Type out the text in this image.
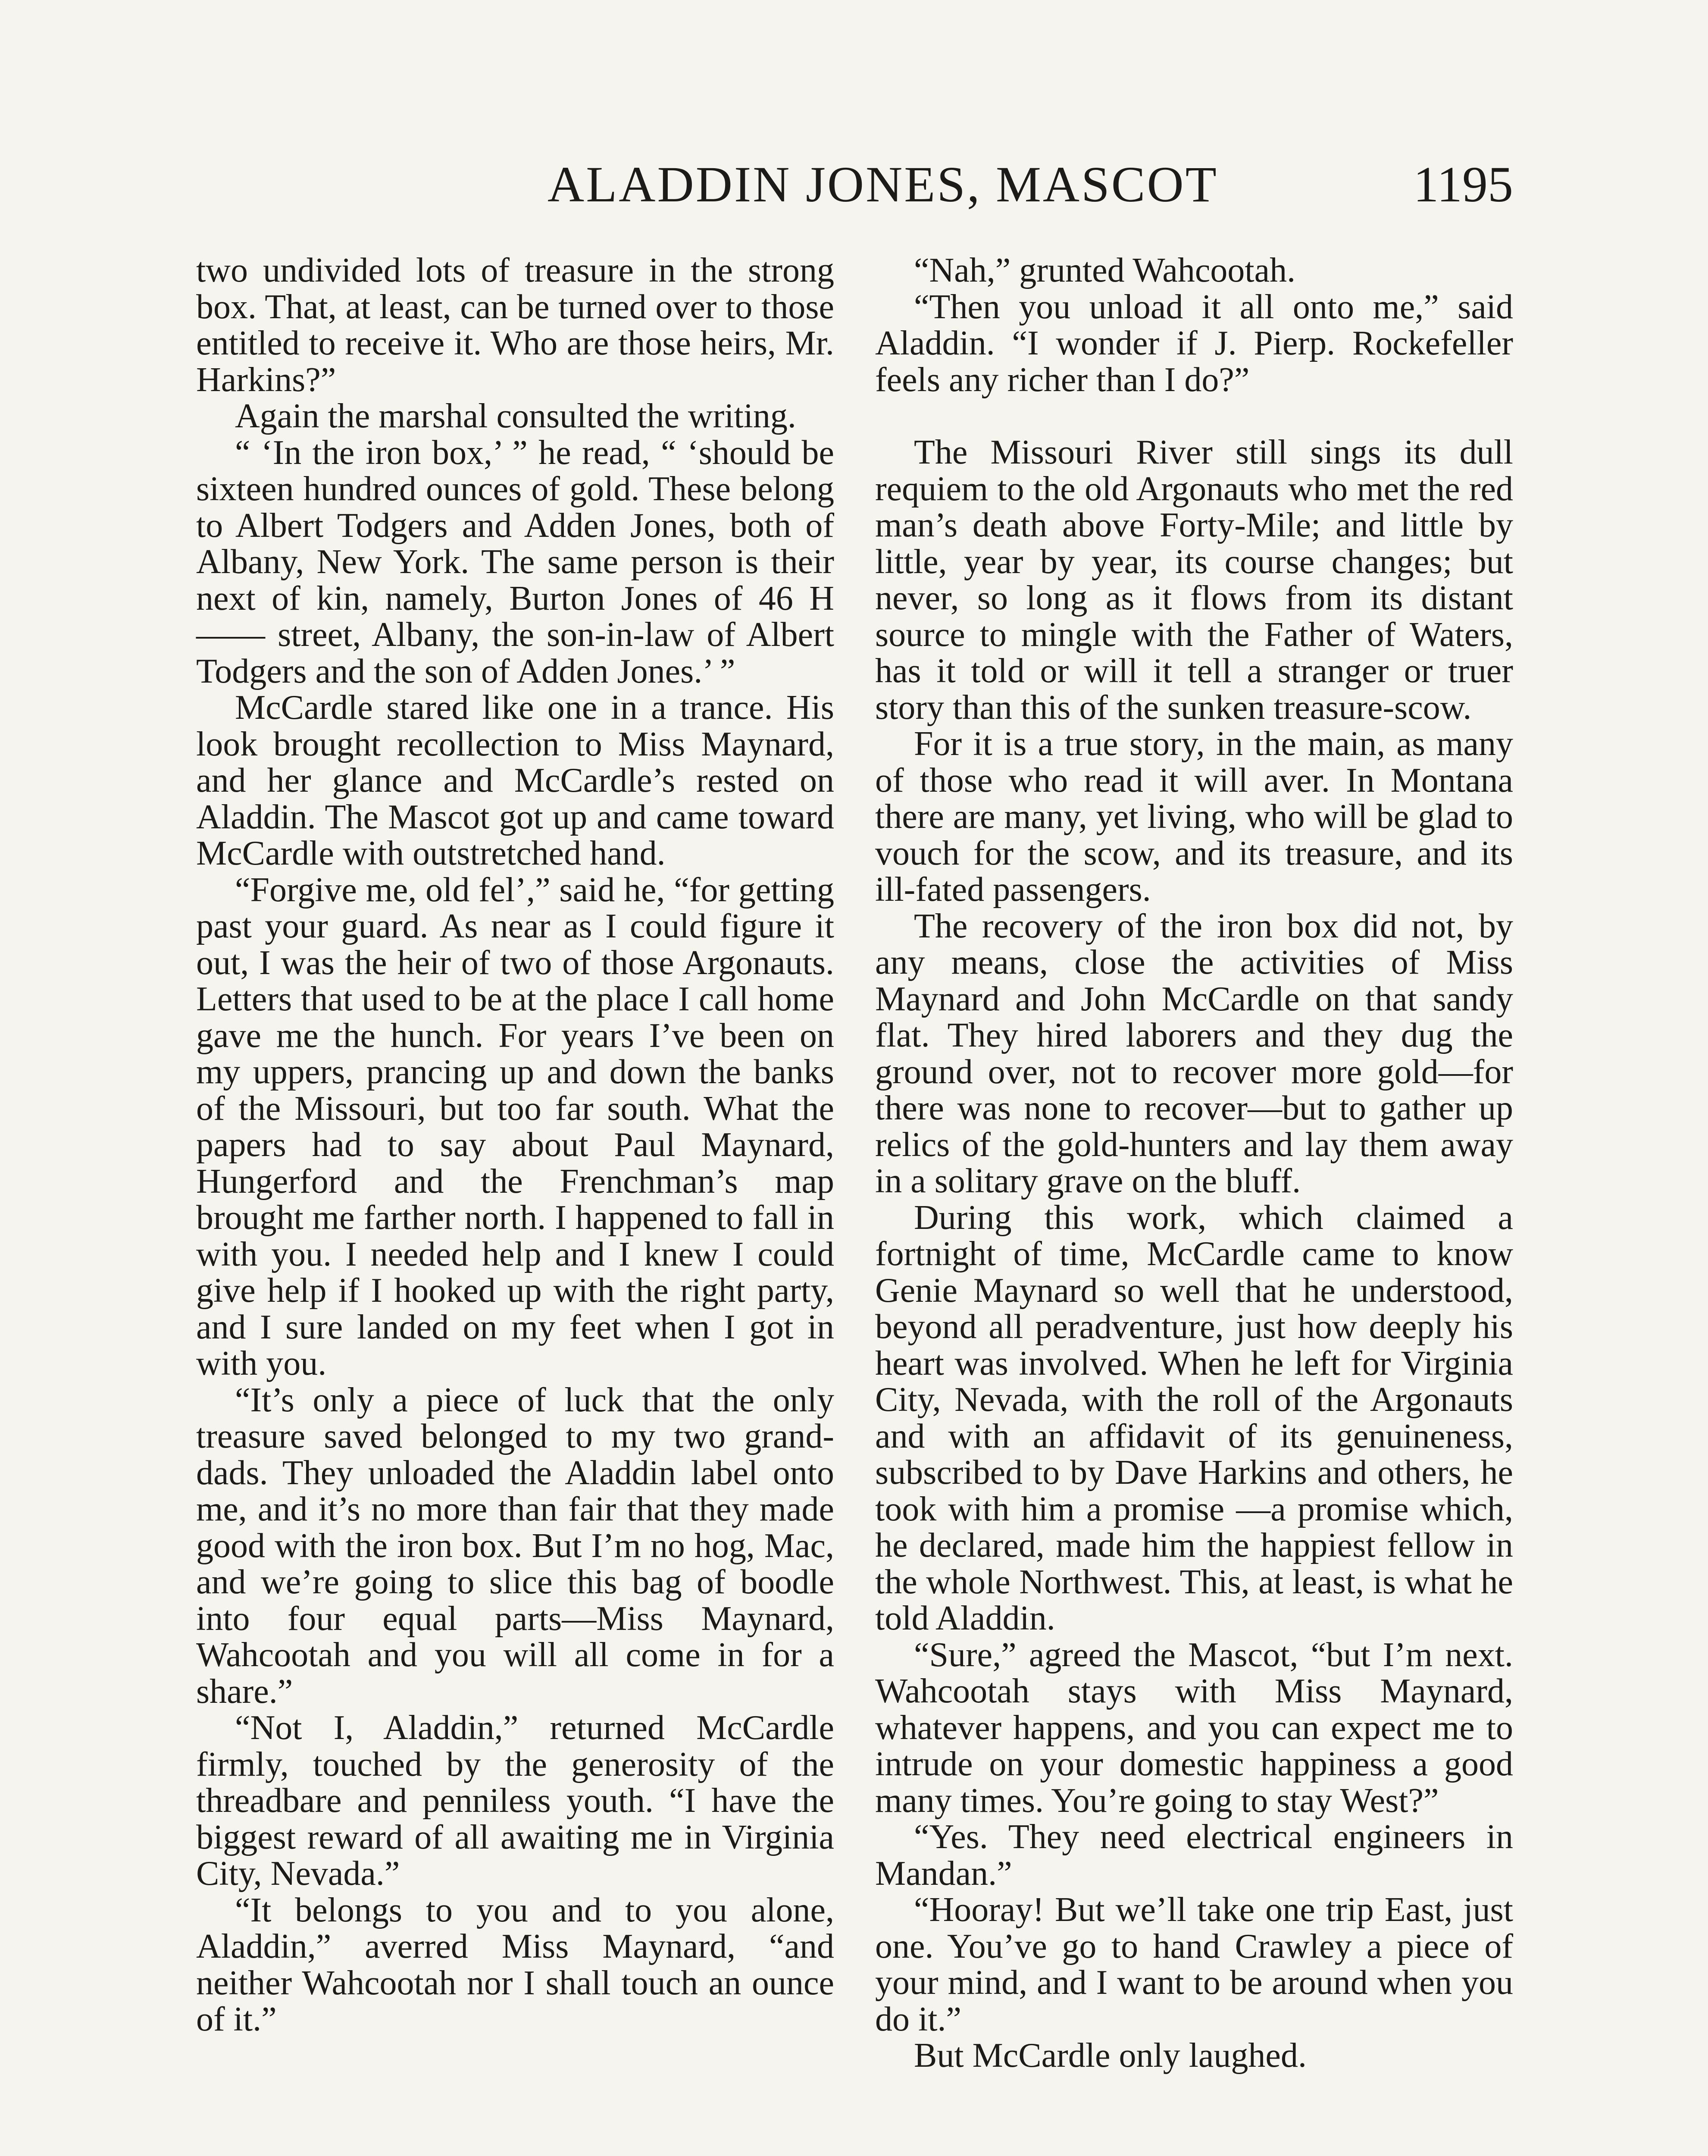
ALADDIN JONES, MASCOT	1195

two undivided lots of treasure in the strong box. That, at least, can be turned over to those entitled to receive it. Who are those heirs, Mr. Harkins?”

Again the marshal consulted the writing.

“ ‘In the iron box,’ ” he read, “ ‘should be sixteen hundred ounces of gold. These belong to Albert Todgers and Adden Jones, both of Albany, New York. The same person is their next of kin, namely, Burton Jones of 46 H—— street, Albany, the son-in-law of Albert Todgers and the son of Adden Jones.’ ”

McCardle stared like one in a trance. His look brought recollection to Miss Maynard, and her glance and McCardle’s rested on Aladdin. The Mascot got up and came toward McCardle with outstretched hand.

“Forgive me, old fel’,” said he, “for getting past your guard. As near as I could figure it out, I was the heir of two of those Argonauts. Letters that used to be at the place I call home gave me the hunch. For years I’ve been on my uppers, prancing up and down the banks of the Missouri, but too far south. What the papers had to say about Paul Maynard, Hungerford and the Frenchman’s map brought me farther north. I happened to fall in with you. I needed help and I knew I could give help if I hooked up with the right party, and I sure landed on my feet when I got in with you.

“It’s only a piece of luck that the only treasure saved belonged to my two grand-dads. They unloaded the Aladdin label onto me, and it’s no more than fair that they made good with the iron box. But I’m no hog, Mac, and we’re going to slice this bag of boodle into four equal parts—Miss Maynard, Wahcootah and you will all come in for a share.”

“Not I, Aladdin,” returned McCardle firmly, touched by the generosity of the threadbare and penniless youth. “I have the biggest reward of all awaiting me in Virginia City, Nevada.”

“It belongs to you and to you alone, Aladdin,” averred Miss Maynard, “and neither Wahcootah nor I shall touch an ounce of it.”

“Nah,” grunted Wahcootah.

“Then you unload it all onto me,” said Aladdin. “I wonder if J. Pierp. Rockefeller feels any richer than I do?”

The Missouri River still sings its dull requiem to the old Argonauts who met the red man’s death above Forty-Mile; and little by little, year by year, its course changes; but never, so long as it flows from its distant source to mingle with the Father of Waters, has it told or will it tell a stranger or truer story than this of the sunken treasure-scow.

For it is a true story, in the main, as many of those who read it will aver. In Montana there are many, yet living, who will be glad to vouch for the scow, and its treasure, and its ill-fated passengers.

The recovery of the iron box did not, by any means, close the activities of Miss Maynard and John McCardle on that sandy flat. They hired laborers and they dug the ground over, not to recover more gold—for there was none to recover—but to gather up relics of the gold-hunters and lay them away in a solitary grave on the bluff.

During this work, which claimed a fortnight of time, McCardle came to know Genie Maynard so well that he understood, beyond all peradventure, just how deeply his heart was involved. When he left for Virginia City, Nevada, with the roll of the Argonauts and with an affidavit of its genuineness, subscribed to by Dave Harkins and others, he took with him a promise —a promise which, he declared, made him the happiest fellow in the whole Northwest. This, at least, is what he told Aladdin.

“Sure,” agreed the Mascot, “but I’m next. Wahcootah stays with Miss Maynard, whatever happens, and you can expect me to intrude on your domestic happiness a good many times. You’re going to stay West?”

“Yes. They need electrical engineers in Mandan.”

“Hooray! But we’ll take one trip East, just one. You’ve go to hand Crawley a piece of your mind, and I want to be around when you do it.”

But McCardle only laughed.
